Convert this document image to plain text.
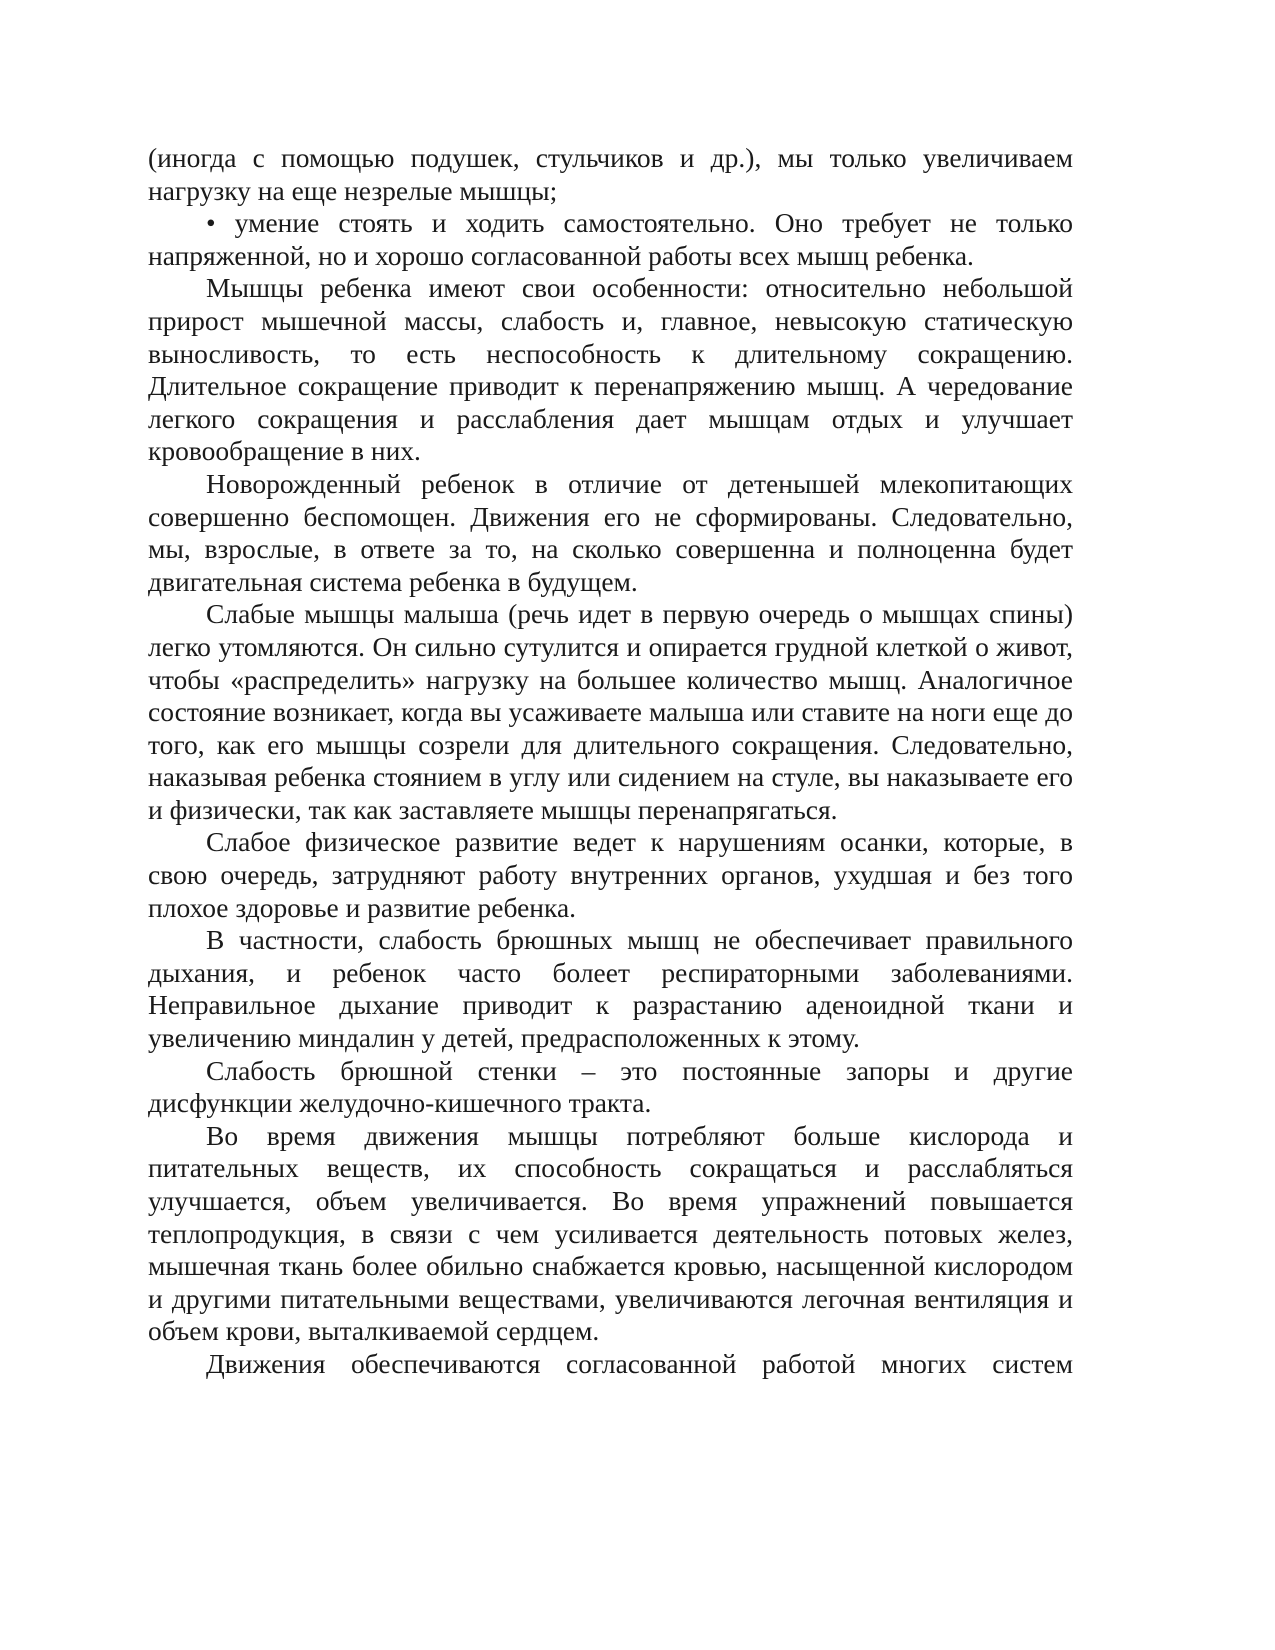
(иногда с помощью подушек, стульчиков и др.), мы только увеличиваем нагрузку на еще незрелые мышцы;

• умение стоять и ходить самостоятельно. Оно требует не только напряженной, но и хорошо согласованной работы всех мышц ребенка.

Мышцы ребенка имеют свои особенности: относительно небольшой прирост мышечной массы, слабость и, главное, невысокую статическую выносливость, то есть неспособность к длительному сокращению. Длительное сокращение приводит к перенапряжению мышц. А чередование легкого сокращения и расслабления дает мышцам отдых и улучшает кровообращение в них.

Новорожденный ребенок в отличие от детенышей млекопитающих совершенно беспомощен. Движения его не сформированы. Следовательно, мы, взрослые, в ответе за то, на сколько совершенна и полноценна будет двигательная система ребенка в будущем.

Слабые мышцы малыша (речь идет в первую очередь о мышцах спины) легко утомляются. Он сильно сутулится и опирается грудной клеткой о живот, чтобы «распределить» нагрузку на большее количество мышц. Аналогичное состояние возникает, когда вы усаживаете малыша или ставите на ноги еще до того, как его мышцы созрели для длительного сокращения. Следовательно, наказывая ребенка стоянием в углу или сидением на стуле, вы наказываете его и физически, так как заставляете мышцы перенапрягаться.

Слабое физическое развитие ведет к нарушениям осанки, которые, в свою очередь, затрудняют работу внутренних органов, ухудшая и без того плохое здоровье и развитие ребенка.

В частности, слабость брюшных мышц не обеспечивает правильного дыхания, и ребенок часто болеет респираторными заболеваниями. Неправильное дыхание приводит к разрастанию аденоидной ткани и увеличению миндалин у детей, предрасположенных к этому.

Слабость брюшной стенки – это постоянные запоры и другие дисфункции желудочно-кишечного тракта.

Во время движения мышцы потребляют больше кислорода и питательных веществ, их способность сокращаться и расслабляться улучшается, объем увеличивается. Во время упражнений повышается теплопродукция, в связи с чем усиливается деятельность потовых желез, мышечная ткань более обильно снабжается кровью, насыщенной кислородом и другими питательными веществами, увеличиваются легочная вентиляция и объем крови, выталкиваемой сердцем.

Движения обеспечиваются согласованной работой многих систем
